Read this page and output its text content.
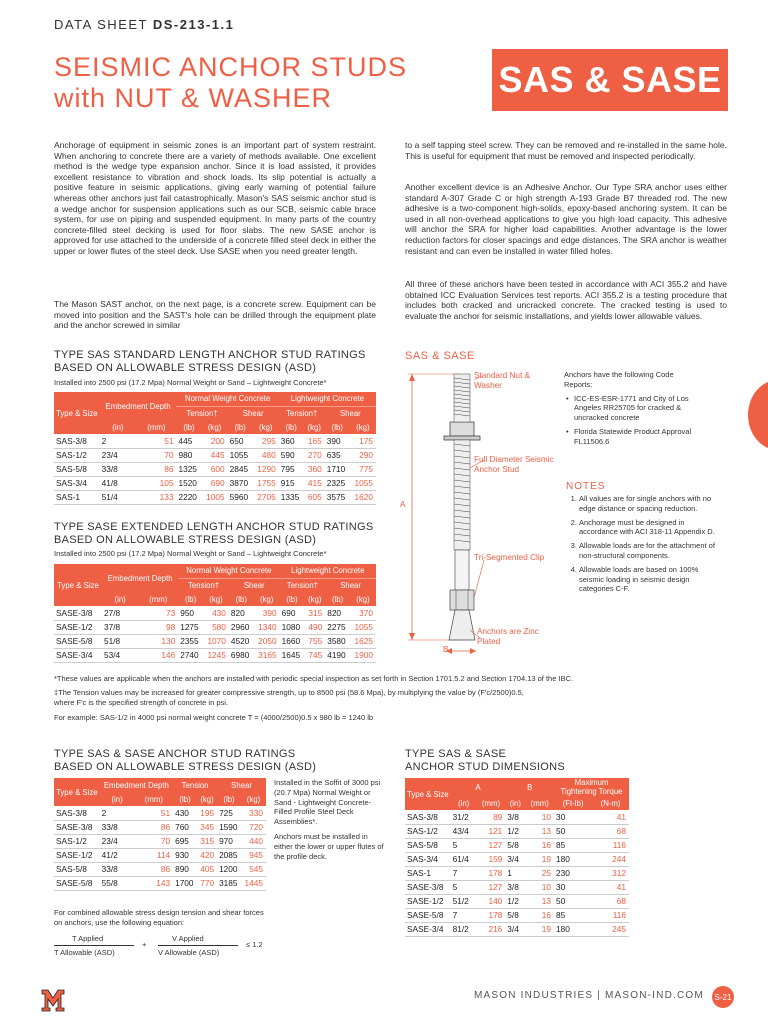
DATA SHEET DS-213-1.1
SEISMIC ANCHOR STUDS
with NUT & WASHER	SAS & SASE
Anchorage of equipment in seismic zones is an important part of system restraint. When anchoring to concrete there are a variety of methods available. One excellent method is the wedge type expansion anchor. Since it is load assisted, it provides excellent resistance to vibration and shock loads. Its slip potential is actually a positive feature in seismic applications, giving early warning of potential failure whereas other anchors just fail catastrophically. Mason's SAS seismic anchor stud is a wedge anchor for suspension applications such as our SCB, seismic cable brace system, for use on piping and suspended equipment. In many parts of the country concrete-filled steel decking is used for floor slabs. The new SASE anchor is approved for use attached to the underside of a concrete filled steel deck in either the upper or lower flutes of the steel deck. Use SASE when you need greater length.
The Mason SAST anchor, on the next page, is a concrete screw. Equipment can be moved into position and the SAST's hole can be drilled through the equipment plate and the anchor screwed in similar
to a self tapping steel screw. They can be removed and re-installed in the same hole. This is useful for equipment that must be removed and inspected periodically.
Another excellent device is an Adhesive Anchor. Our Type SRA anchor uses either standard A-307 Grade C or high strength A-193 Grade B7 threaded rod. The new adhesive is a two-component high-solids, epoxy-based anchoring system. It can be used in all non-overhead applications to give you high load capacity. This adhesive will anchor the SRA for higher load capabilities. Another advantage is the lower reduction factors for closer spacings and edge distances. The SRA anchor is weather resistant and can even be installed in water filled holes.
All three of these anchors have been tested in accordance with ACI 355.2 and have obtained ICC Evaluation Services test reports. ACI 355.2 is a testing procedure that includes both cracked and uncracked concrete. The cracked testing is used to evaluate the anchor for seismic installations, and yields lower allowable values.
TYPE SAS STANDARD LENGTH ANCHOR STUD RATINGS
BASED ON ALLOWABLE STRESS DESIGN (ASD)
Installed into 2500 psi (17.2 Mpa) Normal Weight or Sand – Lightweight Concrete*
Type & Size	Embedment Depth		Normal Weight Concrete				Lightweight Concrete			
			Tension†		Shear		Tension†		Shear	
	(in)	(mm)	(lb)	(kg)	(lb)	(kg)	(lb)	(kg)	(lb)	(kg)
SAS-3/8	2	51	445	200	650	295	360	165	390	175
SAS-1/2	23/4	70	980	445	1055	480	590	270	635	290
SAS-5/8	33/8	86	1325	600	2845	1290	795	360	1710	775
SAS-3/4	41/8	105	1520	690	3870	1755	915	415	2325	1055
SAS-1	51/4	133	2220	1005	5960	2705	1335	605	3575	1620
TYPE SASE EXTENDED LENGTH ANCHOR STUD RATINGS
BASED ON ALLOWABLE STRESS DESIGN (ASD)
Installed into 2500 psi (17.2 Mpa) Normal Weight or Sand – Lightweight Concrete*
Type & Size	Embedment Depth		Normal Weight Concrete				Lightweight Concrete			
			Tension†		Shear		Tension†		Shear	
	(in)	(mm)	(lb)	(kg)	(lb)	(kg)	(lb)	(kg)	(lb)	(kg)
SASE-3/8	27/8	73	950	430	820	390	690	315	820	370
SASE-1/2	37/8	98	1275	580	2960	1340	1080	490	2275	1055
SASE-5/8	51/8	130	2355	1070	4520	2050	1660	755	3580	1625
SASE-3/4	53/4	146	2740	1245	6980	3165	1645	745	4190	1900
SAS & SASE
A
B
Standard Nut & Washer
Full Diameter Seismic Anchor Stud
Tri-Segmented Clip
Anchors are Zinc Plated
Anchors have the following Code Reports:
• ICC-ES-ESR-1771 and City of Los Angeles RR25705 for cracked & uncracked concrete
• Florida Statewide Product Approval FL11506.6
NOTES
1. All values are for single anchors with no edge distance or spacing reduction.
2. Anchorage must be designed in accordance with ACI 318-11 Appendix D.
3. Allowable loads are for the attachment of non-structural components.
4. Allowable loads are based on 100% seismic loading in seismic design categories C-F.
*These values are applicable when the anchors are installed with periodic special inspection as set forth in Section 1701.5.2 and Section 1704.13 of the IBC.
‡The Tension values may be increased for greater compressive strength, up to 8500 psi (58.6 Mpa), by multiplying the value by (F'c/2500)0.5,
where F'c is the specified strength of concrete in psi.
For example: SAS-1/2 in 4000 psi normal weight concrete T = (4000/2500)0.5 x 980 lb = 1240 lb
TYPE SAS & SASE ANCHOR STUD RATINGS
BASED ON ALLOWABLE STRESS DESIGN (ASD)
Type & Size	Embedment Depth		Tension		Shear	
	(in)	(mm)	(lb)	(kg)	(lb)	(kg)
SAS-3/8	2	51	430	195	725	330
SASE-3/8	33/8	86	760	345	1590	720
SAS-1/2	23/4	70	695	315	970	440
SASE-1/2	41/2	114	930	420	2085	945
SAS-5/8	33/8	86	890	405	1200	545
SASE-5/8	55/8	143	1700	770	3185	1445
Installed in the Soffit of 3000 psi (20.7 Mpa) Normal Weight or Sand - Lightweight Concrete-Filled Profile Steel Deck Assemblies*.
Anchors must be installed in either the lower or upper flutes of the profile deck.
For combined allowable stress design tension and shear forces on anchors, use the following equation:
T Applied
T Allowable (ASD)
+
V Applied
V Allowable (ASD)
≤ 1.2
TYPE SAS & SASE
ANCHOR STUD DIMENSIONS
Type & Size	A		B		Maximum Tightening Torque	
	(in)	(mm)	(in)	(mm)	(Ft-lb)	(N-m)
SAS-3/8	31/2	89	3/8	10	30	41
SAS-1/2	43/4	121	1/2	13	50	68
SAS-5/8	5	127	5/8	16	85	116
SAS-3/4	61/4	159	3/4	19	180	244
SAS-1	7	178	1	25	230	312
SASE-3/8	5	127	3/8	10	30	41
SASE-1/2	51/2	140	1/2	13	50	68
SASE-5/8	7	178	5/8	16	85	116
SASE-3/4	81/2	216	3/4	19	180	245
MASON INDUSTRIES | MASON-IND.COM	S-21
